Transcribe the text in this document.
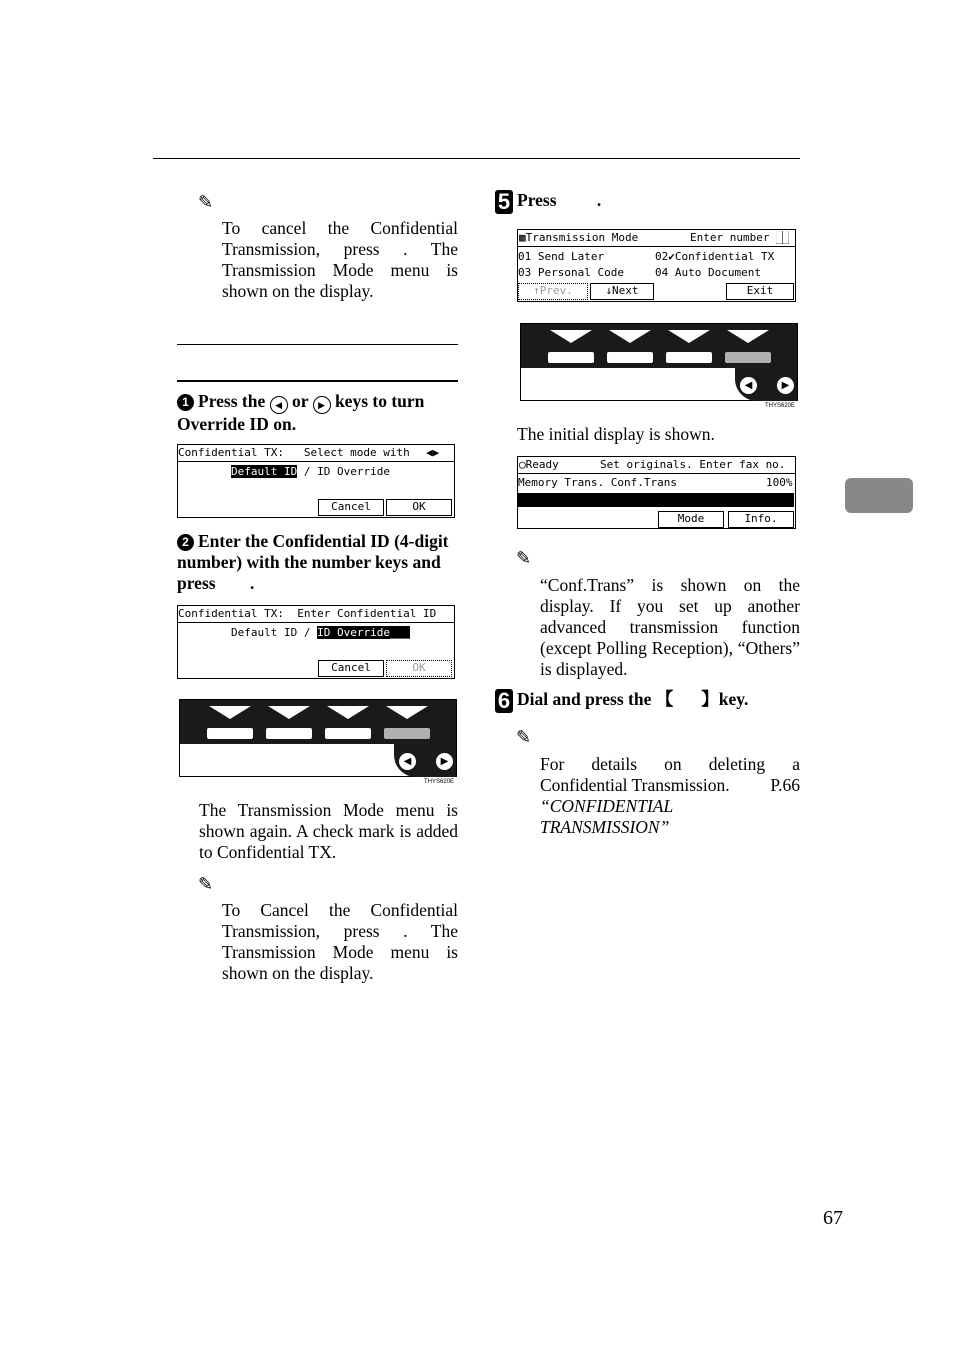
✎
To cancel the Confidential Transmission, press . The Transmission Mode menu is shown on the display.
1 Press the ◀ or ▶ keys to turn Override ID on.
Confidential TX:   Select mode with ◀▶
Default ID / ID Override
Cancel	OK
2 Enter the Confidential ID (4-digit number) with the number keys and press .
Confidential TX:  Enter Confidential ID
Default ID / ID Override___
Cancel	OK
◀	▶
THYS620E
The Transmission Mode menu is shown again. A check mark is added to Confidential TX.
✎
To Cancel the Confidential Transmission, press . The Transmission Mode menu is shown on the display.
5 Press .
▩Transmission Mode	Enter number ▉▉
01 Send Later	02✔Confidential TX
03 Personal Code	04 Auto Document
↑Prev.	↓Next	Exit
◀	▶
THYS620E
The initial display is shown.
◯Ready	Set originals. Enter fax no.
Memory Trans. Conf.Trans	100%

☎

_

Dest:  0

Mode	Info.
✎
“Conf.Trans” is shown on the display. If you set up another advanced transmission function (except Polling Reception), “Others” is displayed.
6 Dial and press the 【 】key.
✎
For details on deleting a Confidential Transmission. P.66

“CONFIDENTIAL TRANSMISSION”
67
